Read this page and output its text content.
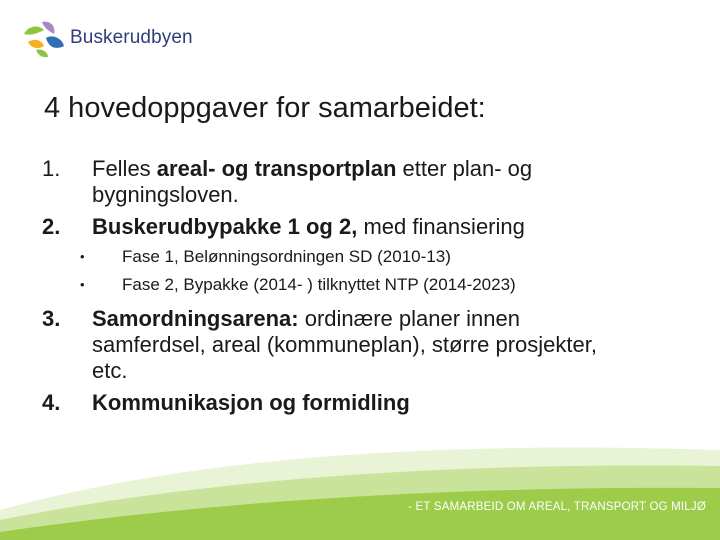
Buskerudbyen
4 hovedoppgaver for samarbeidet:
1. Felles areal- og transportplan etter plan- og
bygningsloven.
2. Buskerudbypakke 1 og 2, med finansiering
• Fase 1, Belønningsordningen SD (2010-13)
• Fase 2, Bypakke (2014- ) tilknyttet NTP (2014-2023)
3. Samordningsarena: ordinære planer innen
samferdsel, areal (kommuneplan), større prosjekter,
etc.
4. Kommunikasjon og formidling
- ET SAMARBEID OM AREAL, TRANSPORT OG MILJØ
